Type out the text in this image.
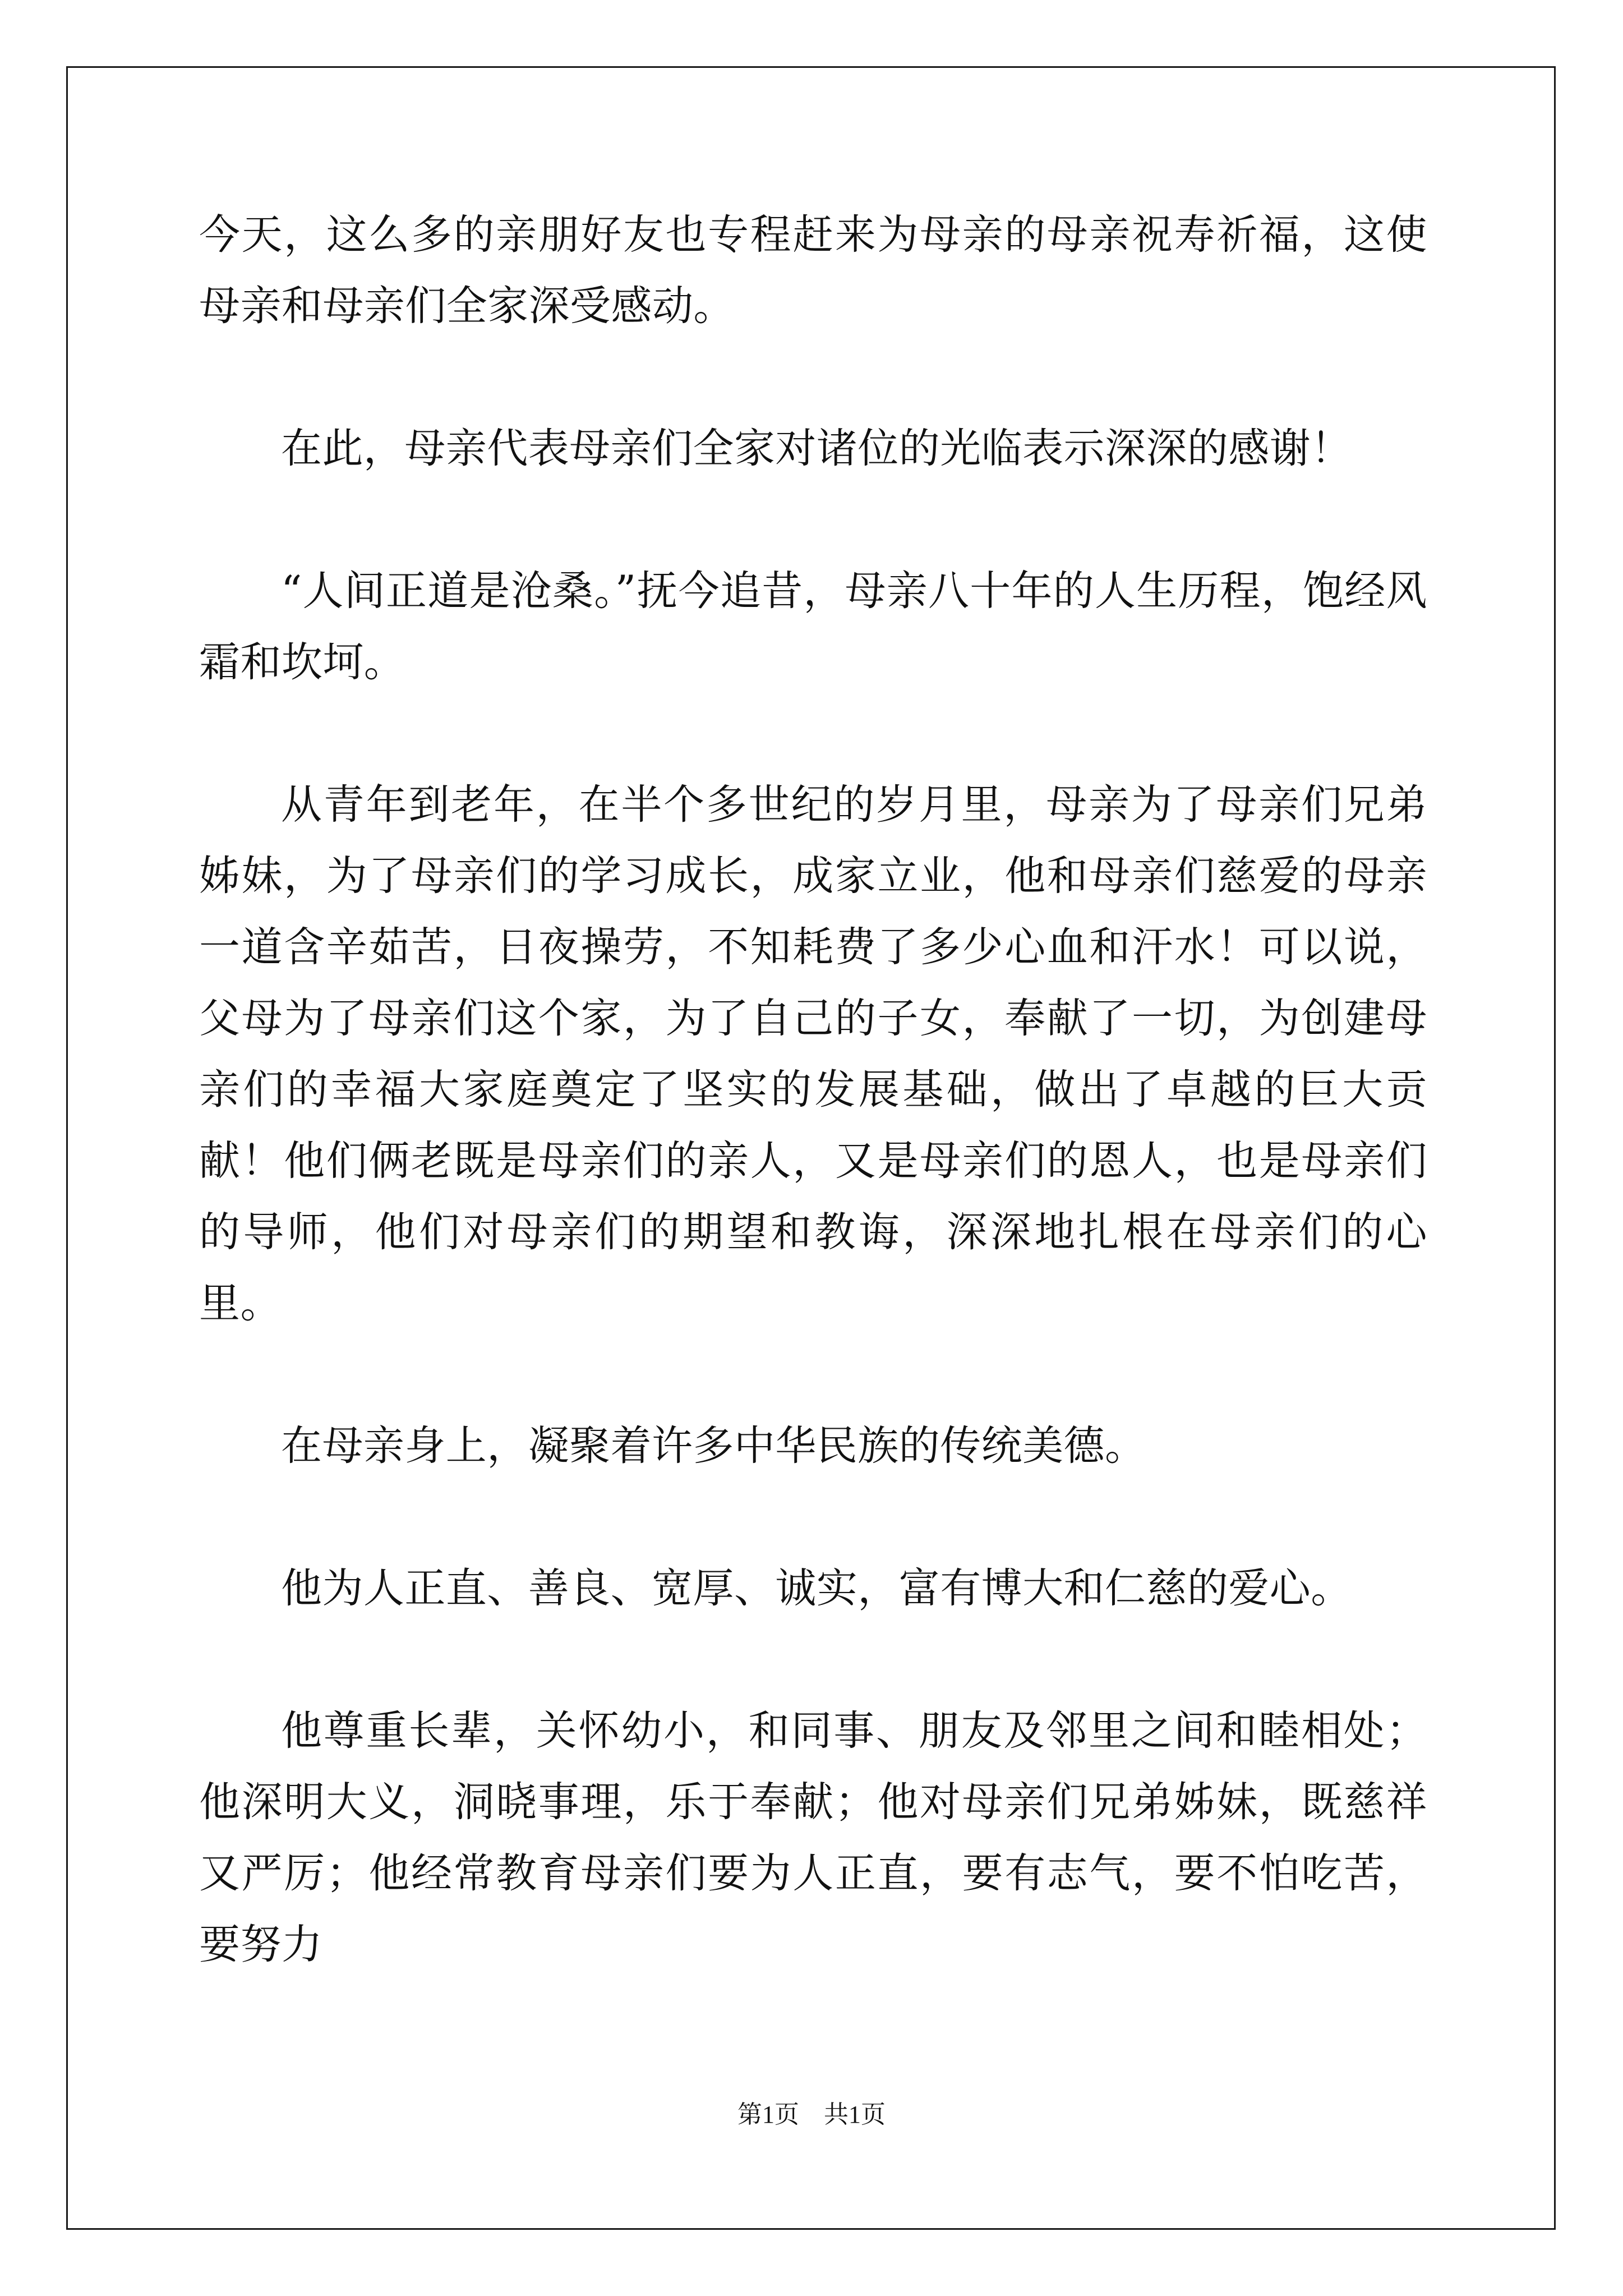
今天，这么多的亲朋好友也专程赶来为母亲的母亲祝寿祈福，这使母亲和母亲们全家深受感动。

在此，母亲代表母亲们全家对诸位的光临表示深深的感谢！

“人间正道是沧桑。”抚今追昔，母亲八十年的人生历程，饱经风霜和坎坷。

从青年到老年，在半个多世纪的岁月里，母亲为了母亲们兄弟姊妹，为了母亲们的学习成长，成家立业，他和母亲们慈爱的母亲一道含辛茹苦，日夜操劳，不知耗费了多少心血和汗水！可以说，父母为了母亲们这个家，为了自己的子女，奉献了一切，为创建母亲们的幸福大家庭奠定了坚实的发展基础，做出了卓越的巨大贡献！他们俩老既是母亲们的亲人，又是母亲们的恩人，也是母亲们的导师，他们对母亲们的期望和教诲，深深地扎根在母亲们的心里。

在母亲身上，凝聚着许多中华民族的传统美德。

他为人正直、善良、宽厚、诚实，富有博大和仁慈的爱心。

他尊重长辈，关怀幼小，和同事、朋友及邻里之间和睦相处；他深明大义，洞晓事理，乐于奉献；他对母亲们兄弟姊妹，既慈祥又严厉；他经常教育母亲们要为人正直，要有志气，要不怕吃苦，要努力

第1页 共1页
